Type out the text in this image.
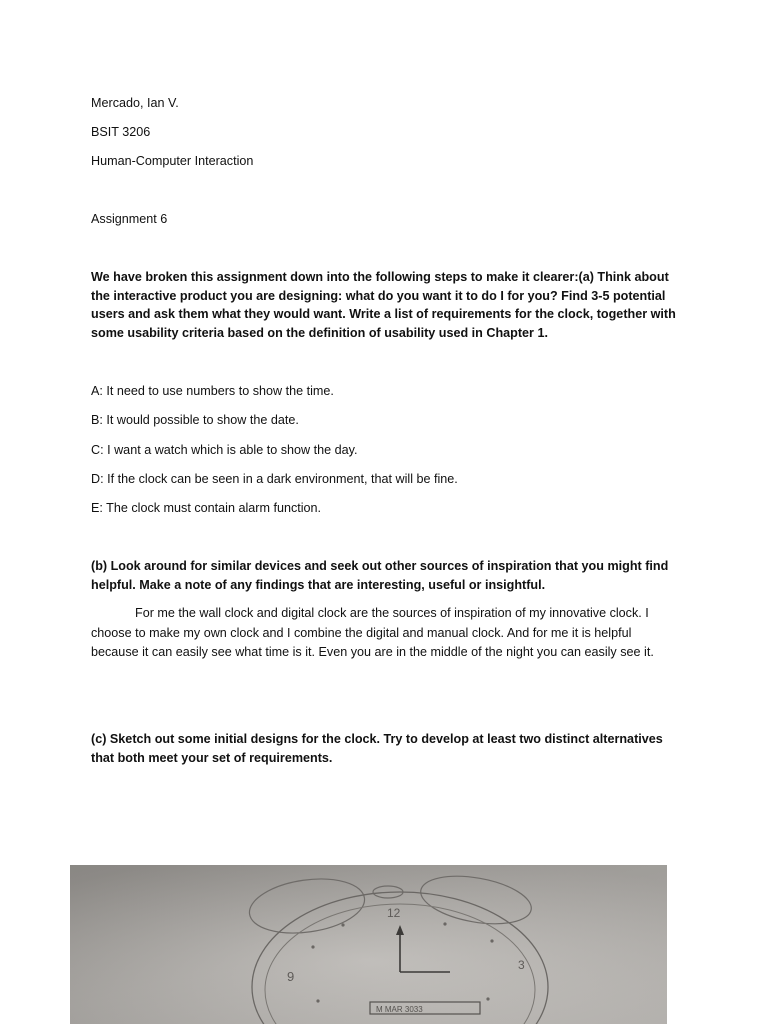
Mercado, Ian V.
BSIT 3206
Human-Computer Interaction
Assignment 6
We have broken this assignment down into the following steps to make it clearer:(a) Think about the interactive product you are designing: what do you want it to do I for you? Find 3-5 potential users and ask them what they would want. Write a list of requirements for the clock, together with some usability criteria based on the definition of usability used in Chapter 1.
A: It need to use numbers to show the time.
B: It would possible to show the date.
C: I want a watch which is able to show the day.
D: If the clock can be seen in a dark environment, that will be fine.
E: The clock must contain alarm function.
(b) Look around for similar devices and seek out other sources of inspiration that you might find helpful. Make a note of any findings that are interesting, useful or insightful.
For me the wall clock and digital clock are the sources of inspiration of my innovative clock. I choose to make my own clock and I combine the digital and manual clock. And for me it is helpful because it can easily see what time is it. Even you are in the middle of the night you can easily see it.
(c) Sketch out some initial designs for the clock. Try to develop at least two distinct alternatives that both meet your set of requirements.
12
9
3
M MAR 3033
